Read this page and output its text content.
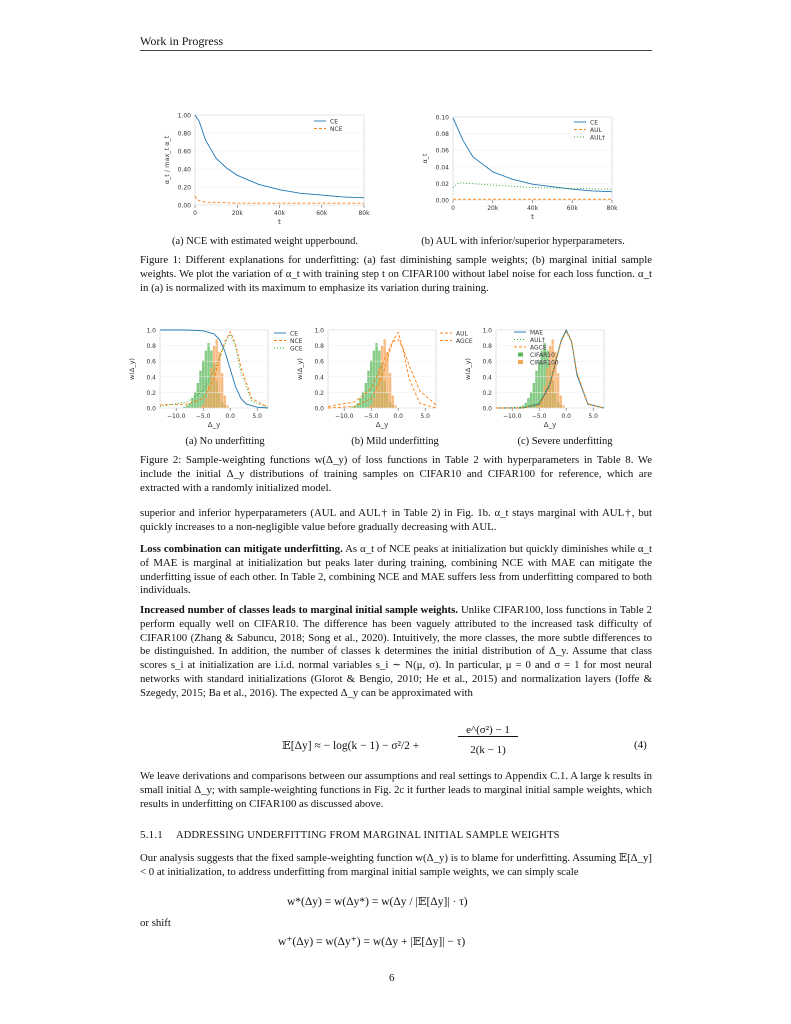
Work in Progress
0.00
0.20
0.40
0.60
0.80
1.00
0	20k	40k	60k	80k
t
α_t / max_t α_t
CE
NCE
0.00
0.02
0.04
0.06
0.08
0.10
0	20k	40k	60k	80k
t
α_t
CE
AUL
AUL†
(a) NCE with estimated weight upperbound.	(b) AUL with inferior/superior hyperparameters.
Figure 1: Different explanations for underfitting: (a) fast diminishing sample weights; (b) marginal initial sample weights. We plot the variation of α_t with training step t on CIFAR100 without label noise for each loss function. α_t in (a) is normalized with its maximum to emphasize its variation during training.
0.0
0.2
0.4
0.6
0.8
1.0
−10.0 −5.0 0.0	5.0
Δ_y
w(Δ_y)
CE
NCE
GCE
0.0
0.2
0.4
0.6
0.8
1.0
−10.0 −5.0 0.0	5.0
Δ_y
w(Δ_y)
AUL
AGCE
0.0
0.2
0.4
0.6
0.8
1.0
−10.0 −5.0 0.0	5.0
Δ_y
w(Δ_y)
MAE
AUL†
AGCE
CIFAR10
CIFAR100
(a) No underfitting	(b) Mild underfitting	(c) Severe underfitting
Figure 2: Sample-weighting functions w(Δ_y) of loss functions in Table 2 with hyperparameters in Table 8. We include the initial Δ_y distributions of training samples on CIFAR10 and CIFAR100 for reference, which are extracted with a randomly initialized model.
superior and inferior hyperparameters (AUL and AUL† in Table 2) in Fig. 1b. α_t stays marginal with AUL†, but quickly increases to a non-negligible value before gradually decreasing with AUL.
Loss combination can mitigate underfitting. As α_t of NCE peaks at initialization but quickly diminishes while α_t of MAE is marginal at initialization but peaks later during training, combining NCE with MAE can mitigate the underfitting issue of each other. In Table 2, combining NCE and MAE suffers less from underfitting compared to both individuals.
Increased number of classes leads to marginal initial sample weights. Unlike CIFAR100, loss functions in Table 2 perform equally well on CIFAR10. The difference has been vaguely attributed to the increased task difficulty of CIFAR100 (Zhang & Sabuncu, 2018; Song et al., 2020). Intuitively, the more classes, the more subtle differences to be distinguished. In addition, the number of classes k determines the initial distribution of Δ_y. Assume that class scores s_i at initialization are i.i.d. normal variables s_i ∼ N(μ, σ). In particular, μ = 0 and σ = 1 for most neural networks with standard initializations (Glorot & Bengio, 2010; He et al., 2015) and normalization layers (Ioffe & Szegedy, 2015; Ba et al., 2016). The expected Δ_y can be approximated with
𝔼[Δy] ≈ − log(k − 1) − σ²/2 +
e^(σ²) − 1
2(k − 1)	(4)
We leave derivations and comparisons between our assumptions and real settings to Appendix C.1. A large k results in small initial Δ_y; with sample-weighting functions in Fig. 2c it further leads to marginal initial sample weights, which results in underfitting on CIFAR100 as discussed above.
5.1.1 ADDRESSING UNDERFITTING FROM MARGINAL INITIAL SAMPLE WEIGHTS
Our analysis suggests that the fixed sample-weighting function w(Δ_y) is to blame for underfitting. Assuming 𝔼[Δ_y] < 0 at initialization, to address underfitting from marginal initial sample weights, we can simply scale
w*(Δy) = w(Δy*) = w(Δy / |𝔼[Δy]| · τ)
or shift
w⁺(Δy) = w(Δy⁺) = w(Δy + |𝔼[Δy]| − τ)
6
